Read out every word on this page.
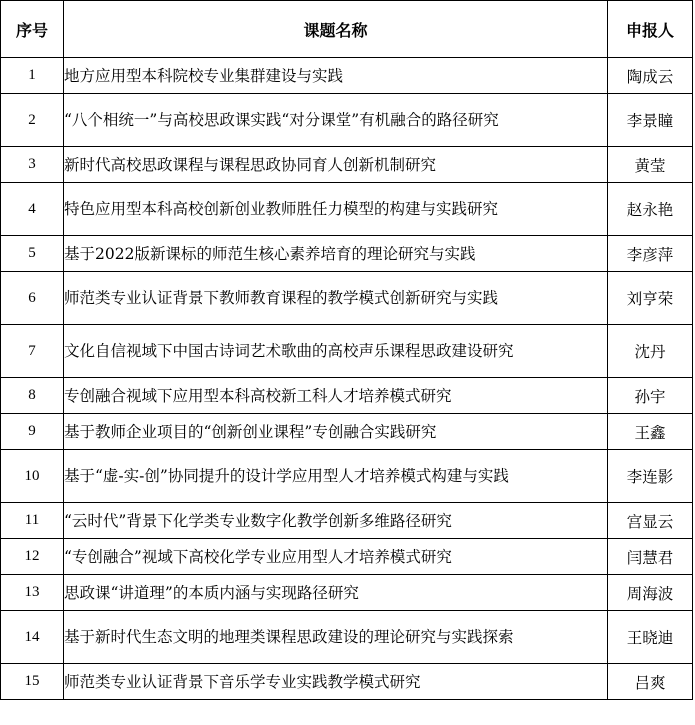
序号	课题名称	申报人
1	地方应用型本科院校专业集群建设与实践	陶成云
2	“八个相统一”与高校思政课实践“对分课堂”有机融合的路径研究	李景瞳
3	新时代高校思政课程与课程思政协同育人创新机制研究	黄莹
4	特色应用型本科高校创新创业教师胜任力模型的构建与实践研究	赵永艳
5	基于2022版新课标的师范生核心素养培育的理论研究与实践	李彦萍
6	师范类专业认证背景下教师教育课程的教学模式创新研究与实践	刘亨荣
7	文化自信视域下中国古诗词艺术歌曲的高校声乐课程思政建设研究	沈丹
8	专创融合视域下应用型本科高校新工科人才培养模式研究	孙宇
9	基于教师企业项目的“创新创业课程”专创融合实践研究	王鑫
10	基于“虚-实-创”协同提升的设计学应用型人才培养模式构建与实践	李连影
11	“云时代”背景下化学类专业数字化教学创新多维路径研究	宫显云
12	“专创融合”视域下高校化学专业应用型人才培养模式研究	闫慧君
13	思政课“讲道理”的本质内涵与实现路径研究	周海波
14	基于新时代生态文明的地理类课程思政建设的理论研究与实践探索	王晓迪
15	师范类专业认证背景下音乐学专业实践教学模式研究	吕爽
